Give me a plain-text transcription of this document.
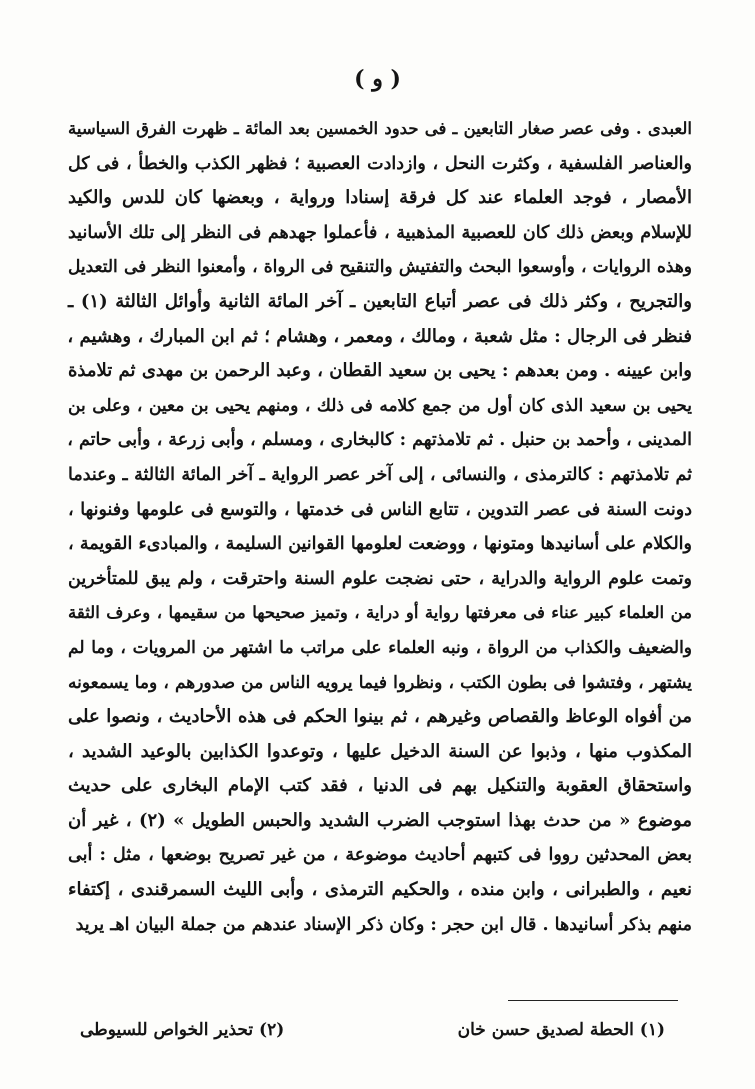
( و )
العبدى . وفى عصر صغار التابعين ـ فى حدود الخمسين بعد المائة ـ ظهرت الفرق السياسية
والعناصر الفلسفية ، وكثرت النحل ، وازدادت العصبية ؛ فظهر الكذب والخطأ ، فى كل
الأمصار ، فوجد العلماء عند كل فرقة إسنادا ورواية ، وبعضها كان للدس والكيد
للإسلام وبعض ذلك كان للعصبية المذهبية ، فأعملوا جهدهم فى النظر إلى تلك الأسانيد
وهذه الروايات ، وأوسعوا البحث والتفتيش والتنقيح فى الرواة ، وأمعنوا النظر فى التعديل
والتجريح ، وكثر ذلك فى عصر أتباع التابعين ـ آخر المائة الثانية وأوائل الثالثة (١) ـ
فنظر فى الرجال : مثل شعبة ، ومالك ، ومعمر ، وهشام ؛ ثم ابن المبارك ، وهشيم ،
وابن عيينه . ومن بعدهم : يحيى بن سعيد القطان ، وعبد الرحمن بن مهدى ثم تلامذة
يحيى بن سعيد الذى كان أول من جمع كلامه فى ذلك ، ومنهم يحيى بن معين ، وعلى بن
المدينى ، وأحمد بن حنبل . ثم تلامذتهم : كالبخارى ، ومسلم ، وأبى زرعة ، وأبى حاتم ،
ثم تلامذتهم : كالترمذى ، والنسائى ، إلى آخر عصر الرواية ـ آخر المائة الثالثة ـ وعندما
دونت السنة فى عصر التدوين ، تتابع الناس فى خدمتها ، والتوسع فى علومها وفنونها ،
والكلام على أسانيدها ومتونها ، ووضعت لعلومها القوانين السليمة ، والمبادىء القويمة ،
وتمت علوم الرواية والدراية ، حتى نضجت علوم السنة واحترقت ، ولم يبق للمتأخرين
من العلماء كبير عناء فى معرفتها رواية أو دراية ، وتميز صحيحها من سقيمها ، وعرف الثقة
والضعيف والكذاب من الرواة ، ونبه العلماء على مراتب ما اشتهر من المرويات ، وما لم
يشتهر ، وفتشوا فى بطون الكتب ، ونظروا فيما يرويه الناس من صدورهم ، وما يسمعونه
من أفواه الوعاظ والقصاص وغيرهم ، ثم بينوا الحكم فى هذه الأحاديث ، ونصوا على
المكذوب منها ، وذبوا عن السنة الدخيل عليها ، وتوعدوا الكذابين بالوعيد الشديد ،
واستحقاق العقوبة والتنكيل بهم فى الدنيا ، فقد كتب الإمام البخارى على حديث
موضوع « من حدث بهذا استوجب الضرب الشديد والحبس الطويل » (٢) ، غير أن
بعض المحدثين رووا فى كتبهم أحاديث موضوعة ، من غير تصريح بوضعها ، مثل : أبى
نعيم ، والطبرانى ، وابن منده ، والحكيم الترمذى ، وأبى الليث السمرقندى ، إكتفاء
منهم بذكر أسانيدها . قال ابن حجر : وكان ذكر الإسناد عندهم من جملة البيان اهـ يريد
(١) الحطة لصديق حسن خان
(٢) تحذير الخواص للسيوطى
